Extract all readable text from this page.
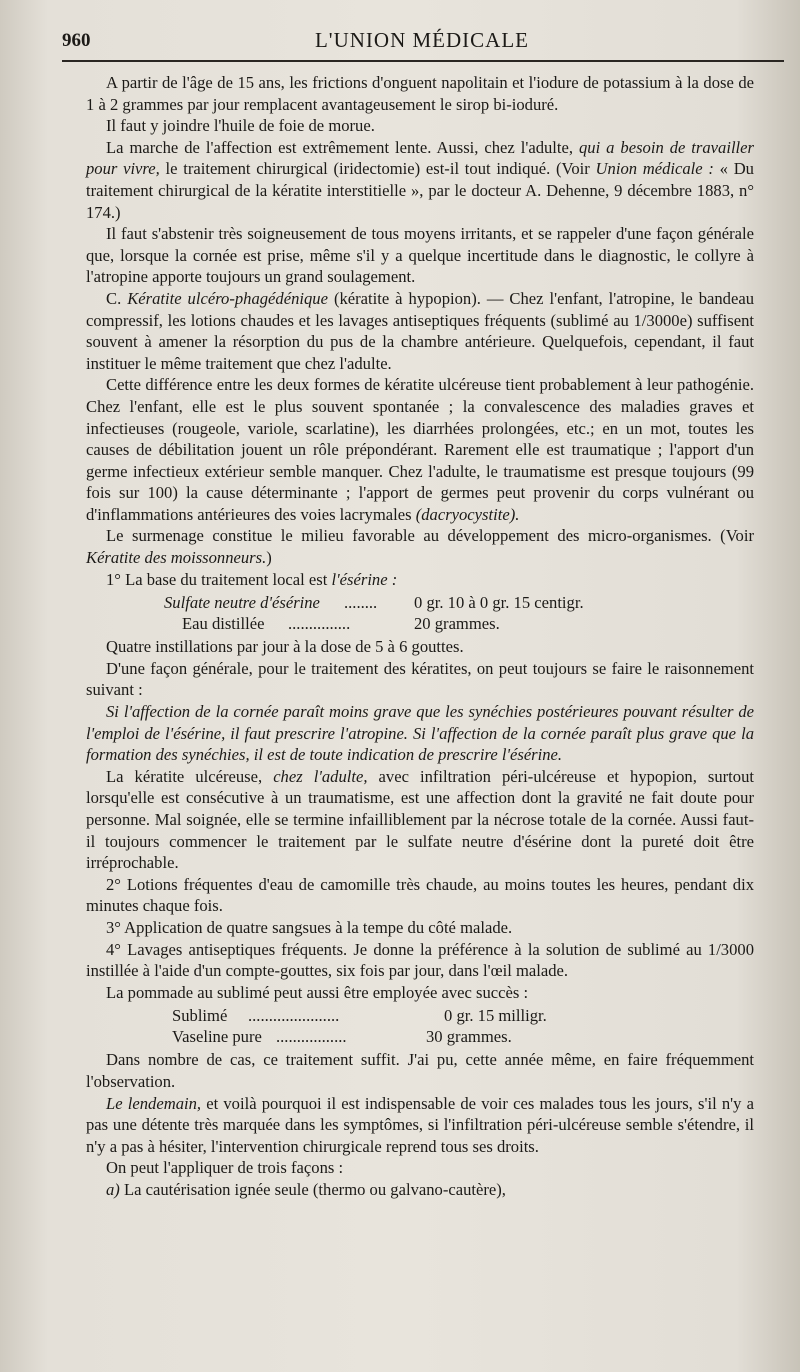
960	L'UNION MÉDICALE

A partir de l'âge de 15 ans, les frictions d'onguent napolitain et l'iodure de potassium à la dose de 1 à 2 grammes par jour remplacent avantageusement le sirop bi-ioduré.

Il faut y joindre l'huile de foie de morue.

La marche de l'affection est extrêmement lente. Aussi, chez l'adulte, qui a besoin de travailler pour vivre, le traitement chirurgical (iridectomie) est-il tout indiqué. (Voir Union médicale : « Du traitement chirurgical de la kératite interstitielle », par le docteur A. Dehenne, 9 décembre 1883, n° 174.)

Il faut s'abstenir très soigneusement de tous moyens irritants, et se rappeler d'une façon générale que, lorsque la cornée est prise, même s'il y a quelque incertitude dans le diagnostic, le collyre à l'atropine apporte toujours un grand soulagement.

C. Kératite ulcéro-phagédénique (kératite à hypopion). — Chez l'enfant, l'atropine, le bandeau compressif, les lotions chaudes et les lavages antiseptiques fréquents (sublimé au 1/3000e) suffisent souvent à amener la résorption du pus de la chambre antérieure. Quelquefois, cependant, il faut instituer le même traitement que chez l'adulte.

Cette différence entre les deux formes de kératite ulcéreuse tient probablement à leur pathogénie. Chez l'enfant, elle est le plus souvent spontanée ; la convalescence des maladies graves et infectieuses (rougeole, variole, scarlatine), les diarrhées prolongées, etc.; en un mot, toutes les causes de débilitation jouent un rôle prépondérant. Rarement elle est traumatique ; l'apport d'un germe infectieux extérieur semble manquer. Chez l'adulte, le traumatisme est presque toujours (99 fois sur 100) la cause déterminante ; l'apport de germes peut provenir du corps vulnérant ou d'inflammations antérieures des voies lacrymales (dacryocystite).

Le surmenage constitue le milieu favorable au développement des micro-organismes. (Voir Kératite des moissonneurs.)

1° La base du traitement local est l'ésérine :

Sulfate neutre d'ésérine	........	0 gr. 10 à 0 gr. 15 centigr.
Eau distillée	...............	20 grammes.

Quatre instillations par jour à la dose de 5 à 6 gouttes.

D'une façon générale, pour le traitement des kératites, on peut toujours se faire le raisonnement suivant :

Si l'affection de la cornée paraît moins grave que les synéchies postérieures pouvant résulter de l'emploi de l'ésérine, il faut prescrire l'atropine. Si l'affection de la cornée paraît plus grave que la formation des synéchies, il est de toute indication de prescrire l'ésérine.

La kératite ulcéreuse, chez l'adulte, avec infiltration péri-ulcéreuse et hypopion, surtout lorsqu'elle est consécutive à un traumatisme, est une affection dont la gravité ne fait doute pour personne. Mal soignée, elle se termine infailliblement par la nécrose totale de la cornée. Aussi faut-il toujours commencer le traitement par le sulfate neutre d'ésérine dont la pureté doit être irréprochable.

2° Lotions fréquentes d'eau de camomille très chaude, au moins toutes les heures, pendant dix minutes chaque fois.

3° Application de quatre sangsues à la tempe du côté malade.

4° Lavages antiseptiques fréquents. Je donne la préférence à la solution de sublimé au 1/3000 instillée à l'aide d'un compte-gouttes, six fois par jour, dans l'œil malade.

La pommade au sublimé peut aussi être employée avec succès :

Sublimé	......................	0 gr. 15 milligr.
Vaseline pure .................	30 grammes.

Dans nombre de cas, ce traitement suffit. J'ai pu, cette année même, en faire fréquemment l'observation.

Le lendemain, et voilà pourquoi il est indispensable de voir ces malades tous les jours, s'il n'y a pas une détente très marquée dans les symptômes, si l'infiltration péri-ulcéreuse semble s'étendre, il n'y a pas à hésiter, l'intervention chirurgicale reprend tous ses droits.

On peut l'appliquer de trois façons :

a) La cautérisation ignée seule (thermo ou galvano-cautère),
